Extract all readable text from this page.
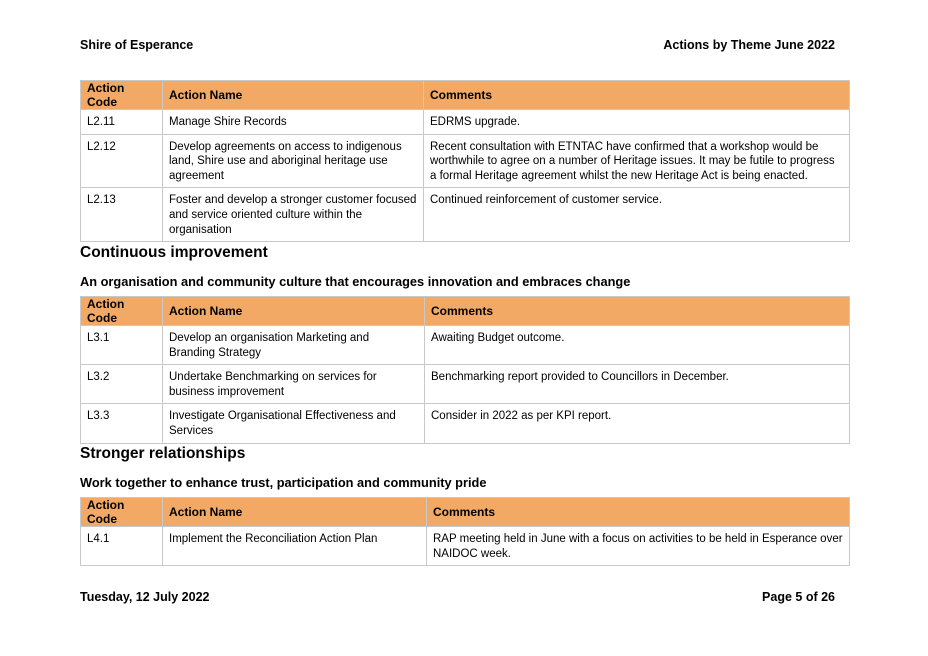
Shire of Esperance	Actions by Theme June 2022
Action Code	Action Name	Comments
L2.11	Manage Shire Records	EDRMS upgrade.
L2.12	Develop agreements on access to indigenous land, Shire use and aboriginal heritage use agreement	Recent consultation with ETNTAC have confirmed that a workshop would be worthwhile to agree on a number of Heritage issues. It may be futile to progress a formal Heritage agreement whilst the new Heritage Act is being enacted.
L2.13	Foster and develop a stronger customer focused and service oriented culture within the organisation	Continued reinforcement of customer service.
Continuous improvement
An organisation and community culture that encourages innovation and embraces change
Action Code	Action Name	Comments
L3.1	Develop an organisation Marketing and Branding Strategy	Awaiting Budget outcome.
L3.2	Undertake Benchmarking on services for business improvement	Benchmarking report provided to Councillors in December.
L3.3	Investigate Organisational Effectiveness and Services	Consider in 2022 as per KPI report.
Stronger relationships
Work together to enhance trust, participation and community pride
Action Code	Action Name	Comments
L4.1	Implement the Reconciliation Action Plan	RAP meeting held in June with a focus on activities to be held in Esperance over NAIDOC week.
Tuesday, 12 July 2022	Page 5 of 26
